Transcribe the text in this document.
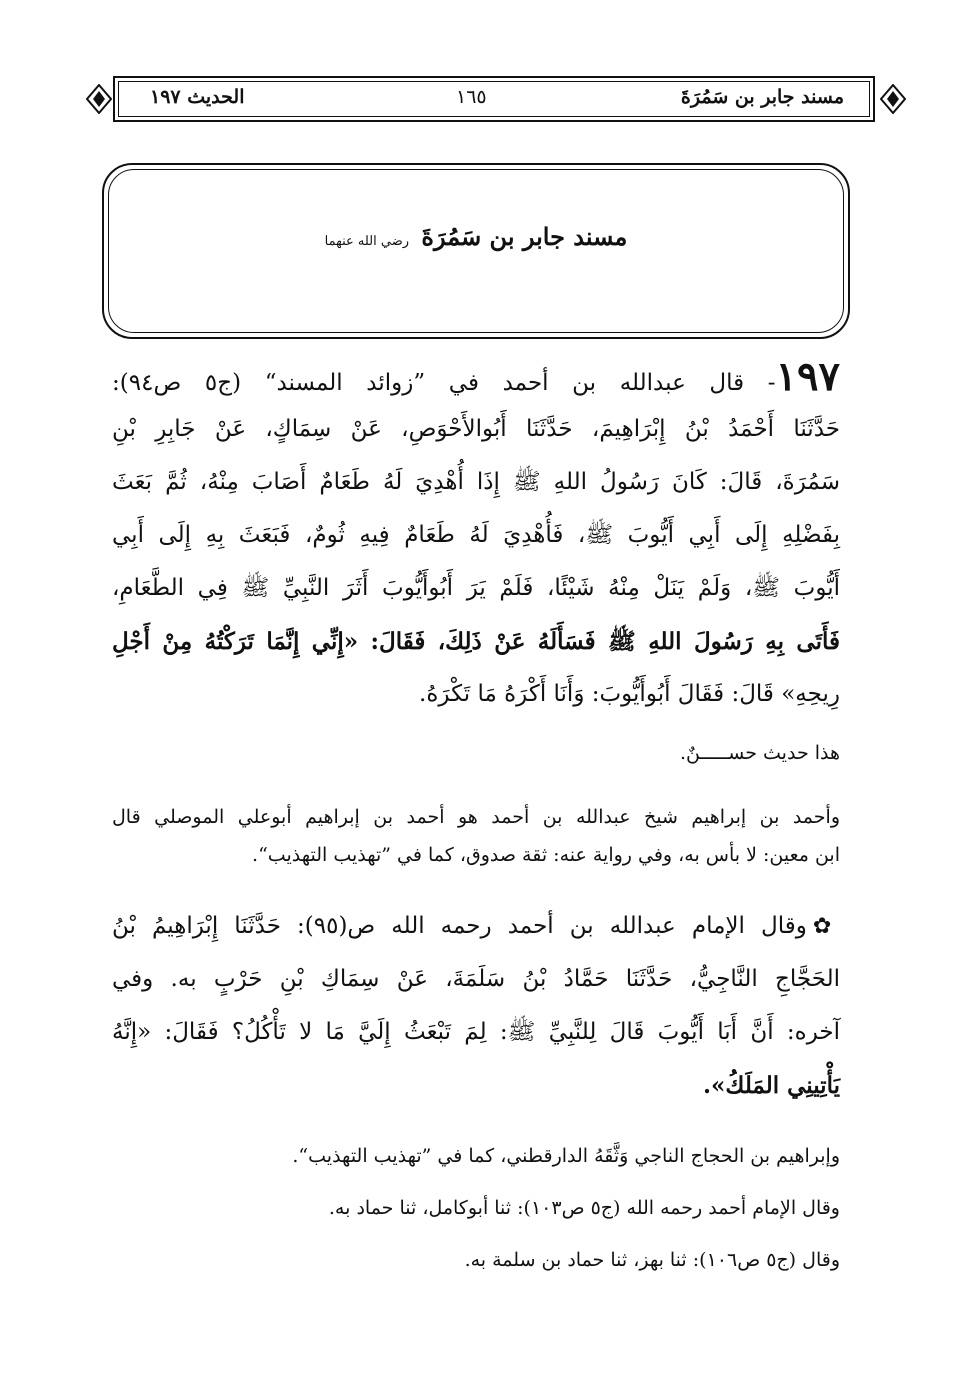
مسند جابر بن سَمُرَةَ
١٦٥
الحديث ١٩٧
مسند جابر بن سَمُرَةَ رضي الله عنهما
١٩٧- قال عبدالله بن أحمد في ”زوائد المسند“ (ج٥ ص٩٤):
حَدَّثَنَا أَحْمَدُ بْنُ إِبْرَاهِيمَ، حَدَّثَنَا أَبُوالأَحْوَصِ، عَنْ سِمَاكٍ، عَنْ جَابِرِ بْنِ
سَمُرَةَ، قَالَ: كَانَ رَسُولُ اللهِ ﷺ إِذَا أُهْدِيَ لَهُ طَعَامٌ أَصَابَ مِنْهُ، ثُمَّ بَعَثَ
بِفَضْلِهِ إِلَى أَبِي أَيُّوبَ ﷺ، فَأُهْدِيَ لَهُ طَعَامٌ فِيهِ ثُومٌ، فَبَعَثَ بِهِ إِلَى أَبِي
أَيُّوبَ ﷺ، وَلَمْ يَنَلْ مِنْهُ شَيْئًا، فَلَمْ يَرَ أَبُوأَيُّوبَ أَثَرَ النَّبِيِّ ﷺ فِي الطَّعَامِ،
فَأَتَى بِهِ رَسُولَ اللهِ ﷺ فَسَأَلَهُ عَنْ ذَلِكَ، فَقَالَ: «إِنِّي إِنَّمَا تَرَكْتُهُ مِنْ أَجْلِ
رِيحِهِ» قَالَ: فَقَالَ أَبُوأَيُّوبَ: وَأَنَا أَكْرَهُ مَا تَكْرَهُ.
هذا حديث حســـــنٌ.
وأحمد بن إبراهيم شيخ عبدالله بن أحمد هو أحمد بن إبراهيم أبوعلي الموصلي قال
ابن معين: لا بأس به، وفي رواية عنه: ثقة صدوق، كما في ”تهذيب التهذيب“.
✿وقال الإمام عبدالله بن أحمد رحمه الله ص(٩٥): حَدَّثَنَا إِبْرَاهِيمُ بْنُ
الحَجَّاجِ النَّاجِيُّ، حَدَّثَنَا حَمَّادُ بْنُ سَلَمَةَ، عَنْ سِمَاكِ بْنِ حَرْبٍ به. وفي
آخره: أَنَّ أَبَا أَيُّوبَ قَالَ لِلنَّبِيِّ ﷺ: لِمَ تَبْعَثُ إِلَيَّ مَا لا تَأْكُلُ؟ فَقَالَ: «إِنَّهُ
يَأْتِينِي المَلَكُ».
وإبراهيم بن الحجاج الناجي وَثَّقَهُ الدارقطني، كما في ”تهذيب التهذيب“.
وقال الإمام أحمد رحمه الله (ج٥ ص١٠٣): ثنا أبوكامل، ثنا حماد به.
وقال (ج٥ ص١٠٦): ثنا بهز، ثنا حماد بن سلمة به.
